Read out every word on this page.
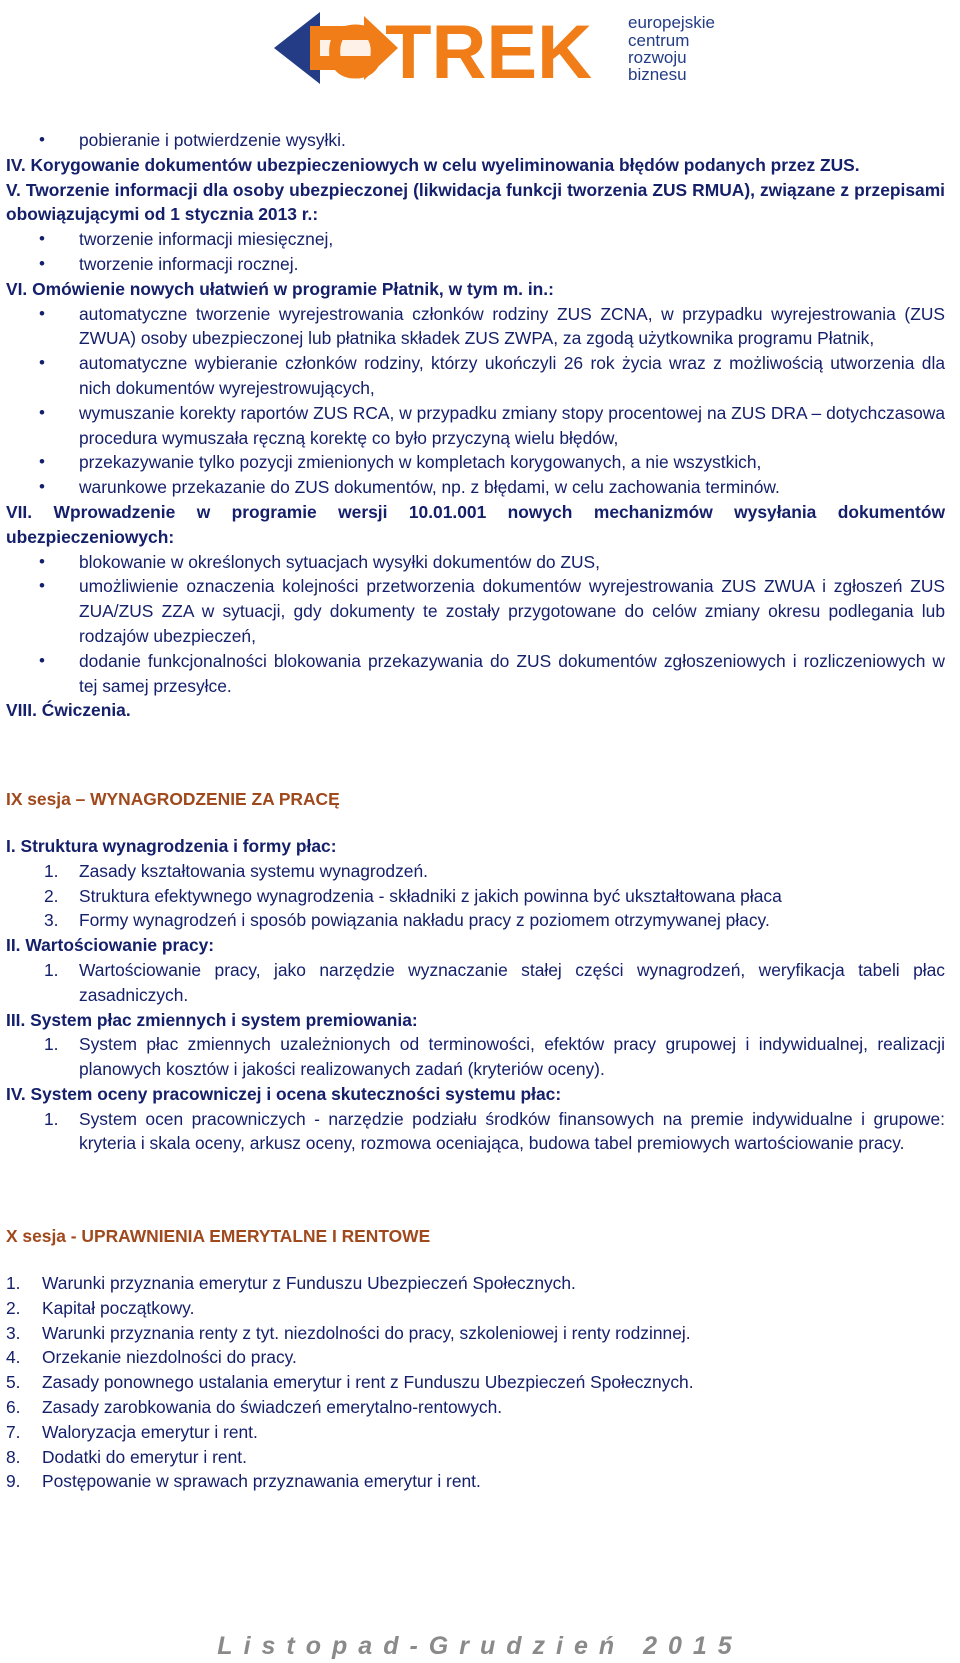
OTREK europejskie
centrum
rozwoju
biznesu
• pobieranie i potwierdzenie wysyłki.
IV. Korygowanie dokumentów ubezpieczeniowych w celu wyeliminowania błędów podanych przez ZUS.
V. Tworzenie informacji dla osoby ubezpieczonej (likwidacja funkcji tworzenia ZUS RMUA), związane z przepisami obowiązującymi od 1 stycznia 2013 r.:
• tworzenie informacji miesięcznej,
• tworzenie informacji rocznej.
VI. Omówienie nowych ułatwień w programie Płatnik, w tym m. in.:
• automatyczne tworzenie wyrejestrowania członków rodziny ZUS ZCNA, w przypadku wyrejestrowania (ZUS ZWUA) osoby ubezpieczonej lub płatnika składek ZUS ZWPA, za zgodą użytkownika programu Płatnik,
• automatyczne wybieranie członków rodziny, którzy ukończyli 26 rok życia wraz z możliwością utworzenia dla nich dokumentów wyrejestrowujących,
• wymuszanie korekty raportów ZUS RCA, w przypadku zmiany stopy procentowej na ZUS DRA – dotychczasowa procedura wymuszała ręczną korektę co było przyczyną wielu błędów,
• przekazywanie tylko pozycji zmienionych w kompletach korygowanych, a nie wszystkich,
• warunkowe przekazanie do ZUS dokumentów, np. z błędami, w celu zachowania terminów.
VII. Wprowadzenie w programie wersji 10.01.001 nowych mechanizmów wysyłania dokumentów ubezpieczeniowych:
• blokowanie w określonych sytuacjach wysyłki dokumentów do ZUS,
• umożliwienie oznaczenia kolejności przetworzenia dokumentów wyrejestrowania ZUS ZWUA i zgłoszeń ZUS ZUA/ZUS ZZA w sytuacji, gdy dokumenty te zostały przygotowane do celów zmiany okresu podlegania lub rodzajów ubezpieczeń,
• dodanie funkcjonalności blokowania przekazywania do ZUS dokumentów zgłoszeniowych i rozliczeniowych w tej samej przesyłce.
VIII. Ćwiczenia.
IX sesja – WYNAGRODZENIE ZA PRACĘ
I. Struktura wynagrodzenia i formy płac:
1. Zasady kształtowania systemu wynagrodzeń.
2. Struktura efektywnego wynagrodzenia - składniki z jakich powinna być ukształtowana płaca
3. Formy wynagrodzeń i sposób powiązania nakładu pracy z poziomem otrzymywanej płacy.
II. Wartościowanie pracy:
1. Wartościowanie pracy, jako narzędzie wyznaczanie stałej części wynagrodzeń, weryfikacja tabeli płac zasadniczych.
III. System płac zmiennych i system premiowania:
1. System płac zmiennych uzależnionych od terminowości, efektów pracy grupowej i indywidualnej, realizacji planowych kosztów i jakości realizowanych zadań (kryteriów oceny).
IV. System oceny pracowniczej i ocena skuteczności systemu płac:
1. System ocen pracowniczych - narzędzie podziału środków finansowych na premie indywidualne i grupowe: kryteria i skala oceny, arkusz oceny, rozmowa oceniająca, budowa tabel premiowych wartościowanie pracy.
X sesja - UPRAWNIENIA EMERYTALNE I RENTOWE
1. Warunki przyznania emerytur z Funduszu Ubezpieczeń Społecznych.
2. Kapitał początkowy.
3. Warunki przyznania renty z tyt. niezdolności do pracy, szkoleniowej i renty rodzinnej.
4. Orzekanie niezdolności do pracy.
5. Zasady ponownego ustalania emerytur i rent z Funduszu Ubezpieczeń Społecznych.
6. Zasady zarobkowania do świadczeń emerytalno-rentowych.
7. Waloryzacja emerytur i rent.
8. Dodatki do emerytur i rent.
9. Postępowanie w sprawach przyznawania emerytur i rent.
Listopad-Grudzień 2015
